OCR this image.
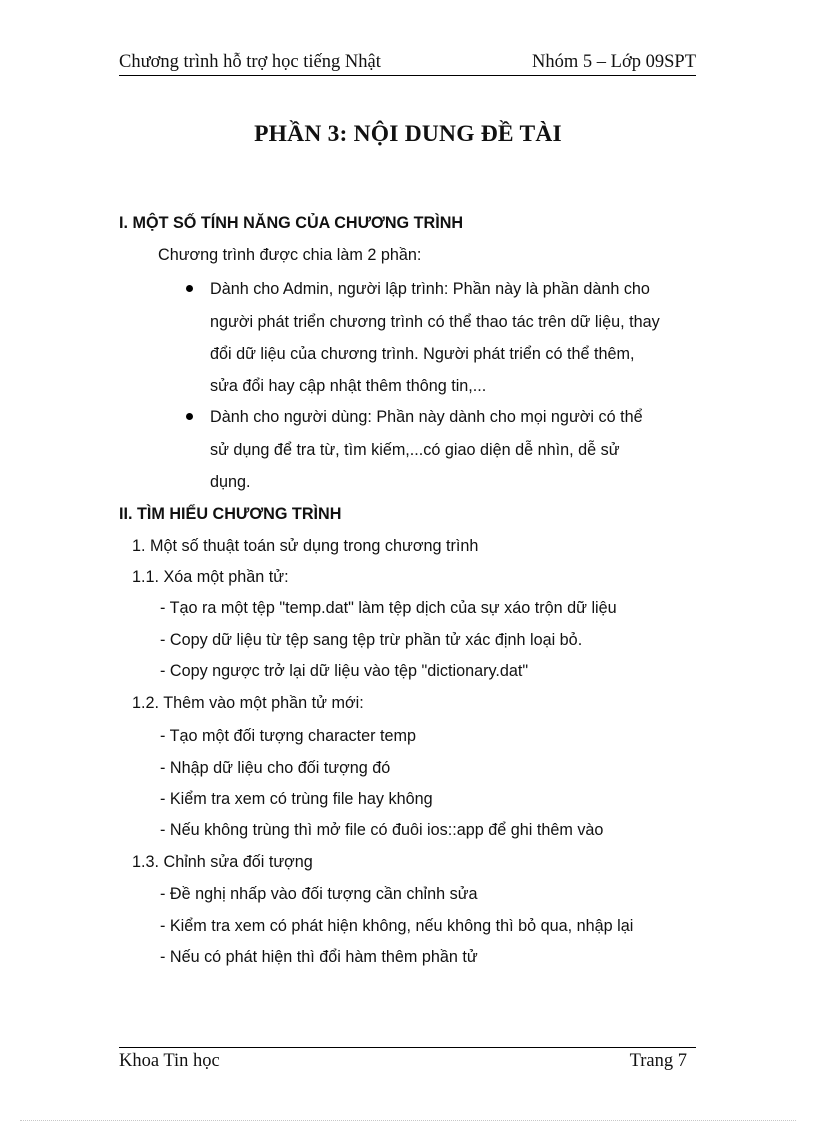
Chương trình hỗ trợ học tiếng Nhật	Nhóm 5 – Lớp 09SPT
PHẦN 3: NỘI DUNG ĐỀ TÀI
I. MỘT SỐ TÍNH NĂNG CỦA CHƯƠNG TRÌNH
Chương trình được chia làm 2 phần:
Dành cho Admin, người lập trình: Phần này là phần dành cho
người phát triển chương trình có thể thao tác trên dữ liệu, thay
đổi dữ liệu của chương trình. Người phát triển có thể thêm,
sửa đổi hay cập nhật thêm thông tin,...
Dành cho người dùng: Phần này dành cho mọi người có thể
sử dụng để tra từ, tìm kiếm,...có giao diện dễ nhìn, dễ sử
dụng.
II. TÌM HIỂU CHƯƠNG TRÌNH
1. Một số thuật toán sử dụng trong chương trình
1.1. Xóa một phần tử:
- Tạo ra một tệp "temp.dat" làm tệp dịch của sự xáo trộn dữ liệu
- Copy dữ liệu từ tệp sang tệp trừ phần tử xác định loại bỏ.
- Copy ngược trở lại dữ liệu vào tệp "dictionary.dat"
1.2. Thêm vào một phần tử mới:
- Tạo một đối tượng character temp
- Nhập dữ liệu cho đối tượng đó
- Kiểm tra xem có trùng file hay không
- Nếu không trùng thì mở file có đuôi ios::app để ghi thêm vào
1.3. Chỉnh sửa đối tượng
- Đề nghị nhấp vào đối tượng cần chỉnh sửa
- Kiểm tra xem có phát hiện không, nếu không thì bỏ qua, nhập lại
- Nếu có phát hiện thì đổi hàm thêm phần tử
Khoa Tin học	Trang 7
